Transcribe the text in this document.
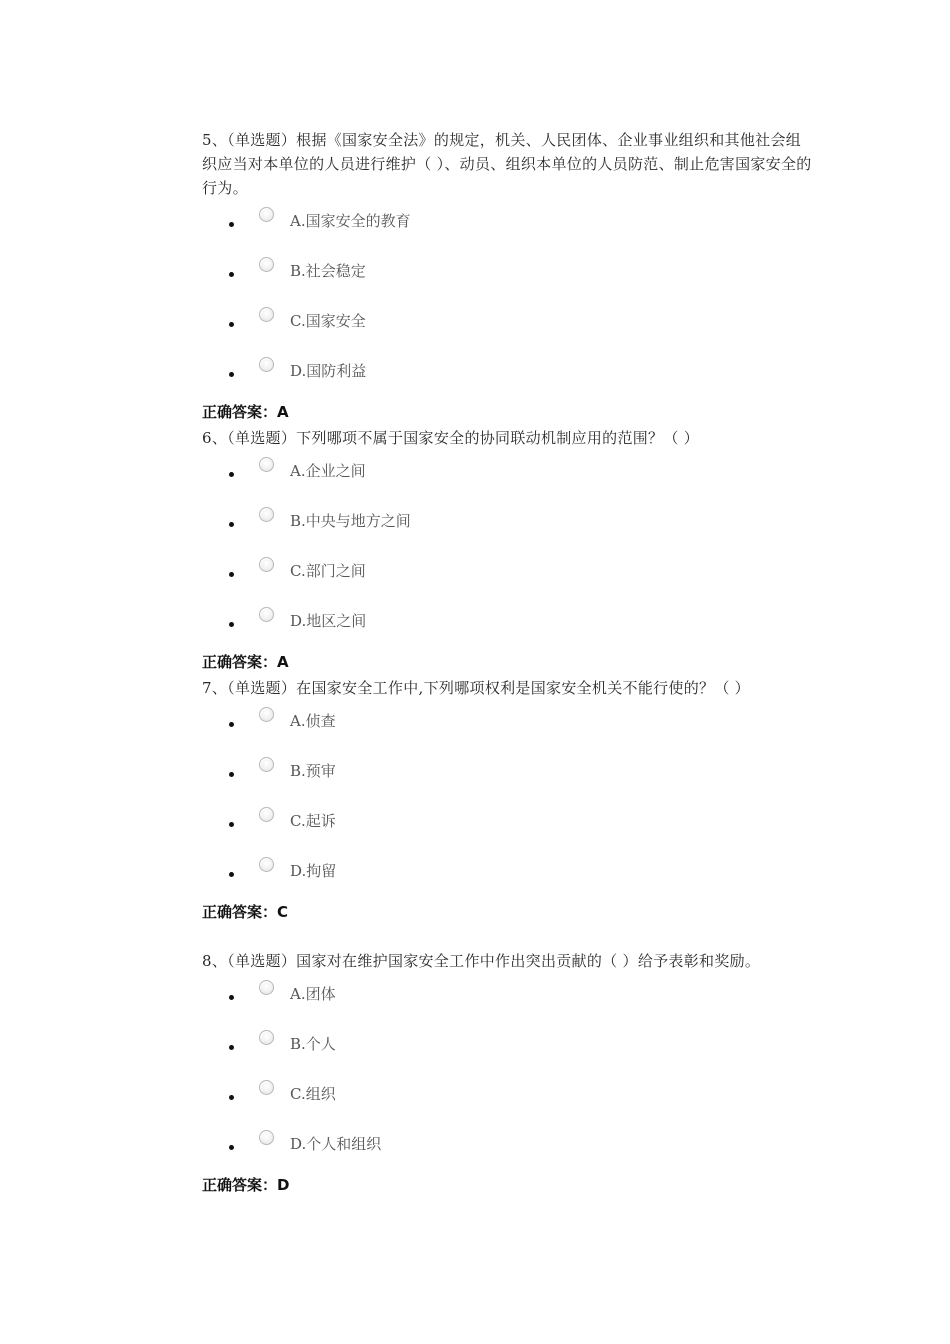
5、（单选题）根据《国家安全法》的规定，机关、人民团体、企业事业组织和其他社会组织应当对本单位的人员进行维护（ ）、动员、组织本单位的人员防范、制止危害国家安全的行为。

A.国家安全的教育
B.社会稳定
C.国家安全
D.国防利益

正确答案：A

6、（单选题）下列哪项不属于国家安全的协同联动机制应用的范围？（ ）

A.企业之间
B.中央与地方之间
C.部门之间
D.地区之间

正确答案：A

7、（单选题）在国家安全工作中,下列哪项权利是国家安全机关不能行使的？（ ）

A.侦查
B.预审
C.起诉
D.拘留

正确答案：C

8、（单选题）国家对在维护国家安全工作中作出突出贡献的（ ）给予表彰和奖励。

A.团体
B.个人
C.组织
D.个人和组织

正确答案：D
